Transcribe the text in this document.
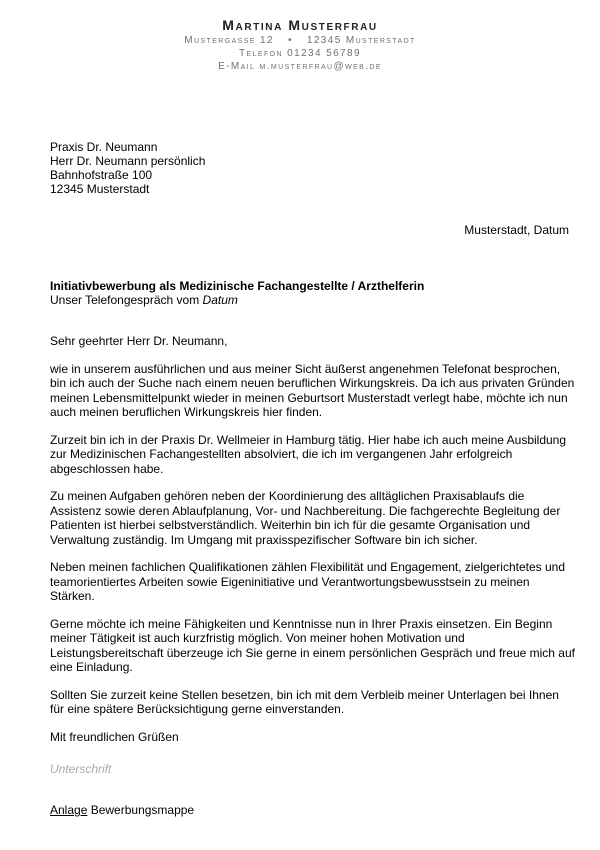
Martina Musterfrau
Mustergasse 12 • 12345 Musterstadt
Telefon 01234 56789
E-Mail m.musterfrau@web.de
Praxis Dr. Neumann
Herr Dr. Neumann persönlich
Bahnhofstraße 100
12345 Musterstadt
Musterstadt, Datum
Initiativbewerbung als Medizinische Fachangestellte / Arzthelferin
Unser Telefongespräch vom Datum

Sehr geehrter Herr Dr. Neumann,

wie in unserem ausführlichen und aus meiner Sicht äußerst angenehmen Telefonat besprochen, bin ich auch der Suche nach einem neuen beruflichen Wirkungskreis. Da ich aus privaten Gründen meinen Lebensmittelpunkt wieder in meinen Geburtsort Musterstadt verlegt habe, möchte ich nun auch meinen beruflichen Wirkungskreis hier finden.

Zurzeit bin ich in der Praxis Dr. Wellmeier in Hamburg tätig. Hier habe ich auch meine Ausbildung zur Medizinischen Fachangestellten absolviert, die ich im vergangenen Jahr erfolgreich abgeschlossen habe.

Zu meinen Aufgaben gehören neben der Koordinierung des alltäglichen Praxisablaufs die Assistenz sowie deren Ablaufplanung, Vor- und Nachbereitung. Die fachgerechte Begleitung der Patienten ist hierbei selbstverständlich. Weiterhin bin ich für die gesamte Organisation und Verwaltung zuständig. Im Umgang mit praxisspezifischer Software bin ich sicher.

Neben meinen fachlichen Qualifikationen zählen Flexibilität und Engagement, zielgerichtetes und teamorientiertes Arbeiten sowie Eigeninitiative und Verantwortungsbewusstsein zu meinen Stärken.

Gerne möchte ich meine Fähigkeiten und Kenntnisse nun in Ihrer Praxis einsetzen. Ein Beginn meiner Tätigkeit ist auch kurzfristig möglich. Von meiner hohen Motivation und Leistungsbereitschaft überzeuge ich Sie gerne in einem persönlichen Gespräch und freue mich auf eine Einladung.

Sollten Sie zurzeit keine Stellen besetzen, bin ich mit dem Verbleib meiner Unterlagen bei Ihnen für eine spätere Berücksichtigung gerne einverstanden.

Mit freundlichen Grüßen

Unterschrift
Anlage Bewerbungsmappe
